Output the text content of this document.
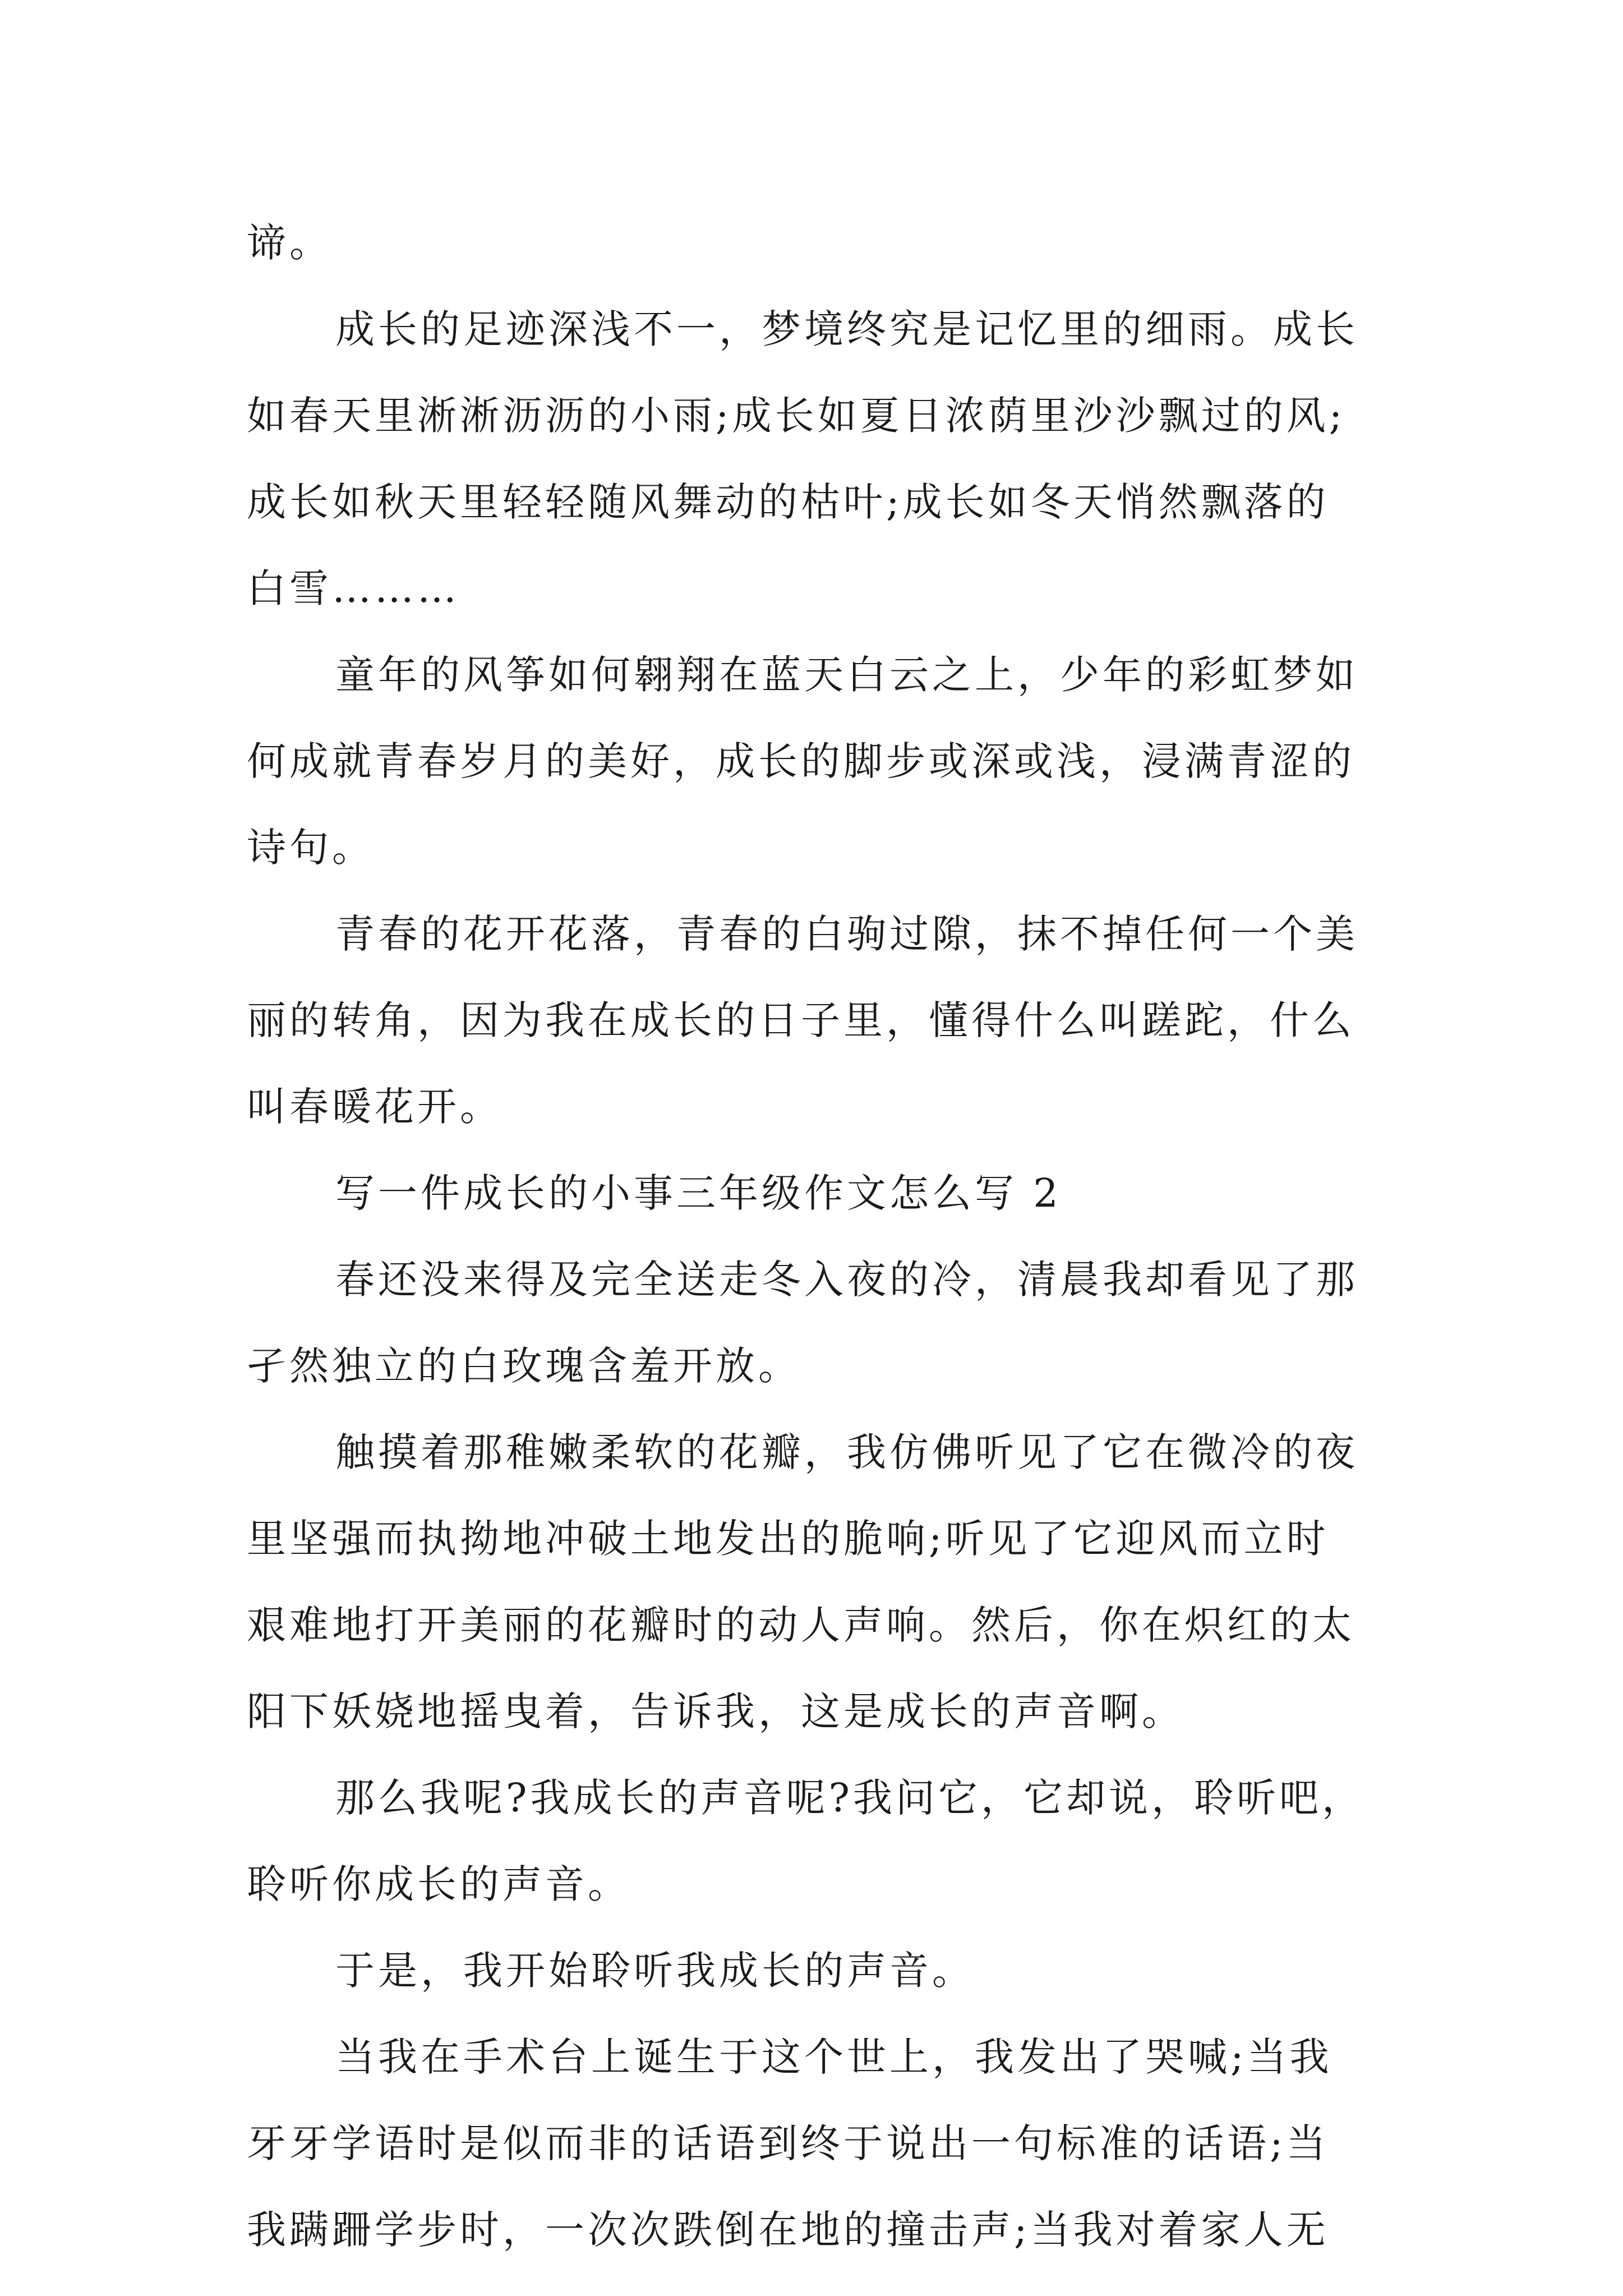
谛。
成长的足迹深浅不一，梦境终究是记忆里的细雨。成长
如春天里淅淅沥沥的小雨;成长如夏日浓荫里沙沙飘过的风;
成长如秋天里轻轻随风舞动的枯叶;成长如冬天悄然飘落的
白雪………
童年的风筝如何翱翔在蓝天白云之上，少年的彩虹梦如
何成就青春岁月的美好，成长的脚步或深或浅，浸满青涩的
诗句。
青春的花开花落，青春的白驹过隙，抹不掉任何一个美
丽的转角，因为我在成长的日子里，懂得什么叫蹉跎，什么
叫春暖花开。
写一件成长的小事三年级作文怎么写 2
春还没来得及完全送走冬入夜的冷，清晨我却看见了那
孑然独立的白玫瑰含羞开放。
触摸着那稚嫩柔软的花瓣，我仿佛听见了它在微冷的夜
里坚强而执拗地冲破土地发出的脆响;听见了它迎风而立时
艰难地打开美丽的花瓣时的动人声响。然后，你在炽红的太
阳下妖娆地摇曳着，告诉我，这是成长的声音啊。
那么我呢?我成长的声音呢?我问它，它却说，聆听吧，
聆听你成长的声音。
于是，我开始聆听我成长的声音。
当我在手术台上诞生于这个世上，我发出了哭喊;当我
牙牙学语时是似而非的话语到终于说出一句标准的话语;当
我蹒跚学步时，一次次跌倒在地的撞击声;当我对着家人无
